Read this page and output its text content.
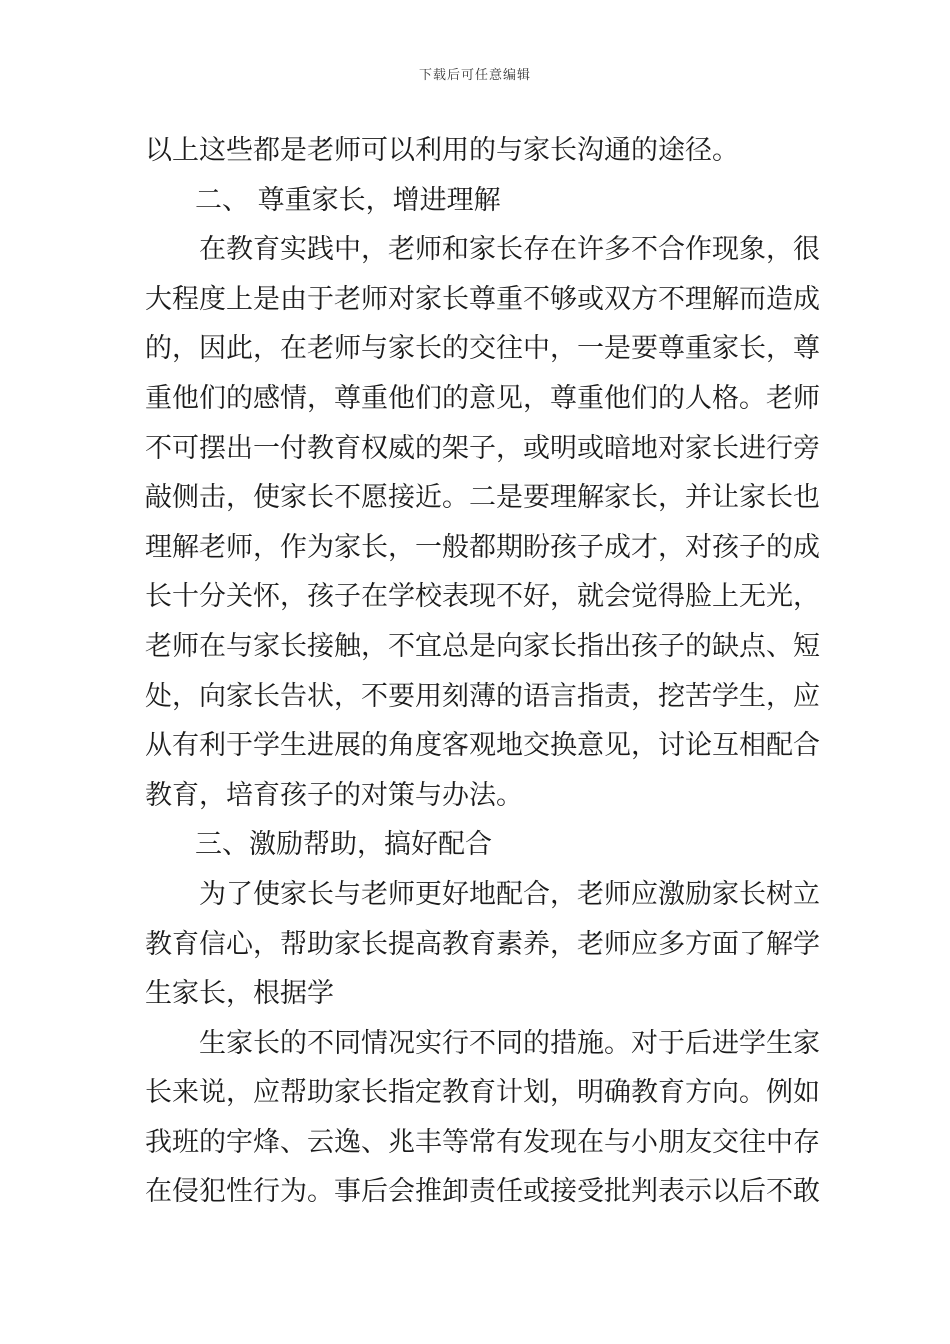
下载后可任意编辑
以上这些都是老师可以利用的与家长沟通的途径。
二、 尊重家长，增进理解
在教育实践中，老师和家长存在许多不合作现象，很
大程度上是由于老师对家长尊重不够或双方不理解而造成
的，因此，在老师与家长的交往中，一是要尊重家长，尊
重他们的感情，尊重他们的意见，尊重他们的人格。老师
不可摆出一付教育权威的架子，或明或暗地对家长进行旁
敲侧击，使家长不愿接近。二是要理解家长，并让家长也
理解老师，作为家长，一般都期盼孩子成才，对孩子的成
长十分关怀，孩子在学校表现不好，就会觉得脸上无光，
老师在与家长接触，不宜总是向家长指出孩子的缺点、短
处，向家长告状，不要用刻薄的语言指责，挖苦学生，应
从有利于学生进展的角度客观地交换意见，讨论互相配合
教育，培育孩子的对策与办法。
三、激励帮助，搞好配合
为了使家长与老师更好地配合，老师应激励家长树立
教育信心，帮助家长提高教育素养，老师应多方面了解学
生家长，根据学
生家长的不同情况实行不同的措施。对于后进学生家
长来说，应帮助家长指定教育计划，明确教育方向。例如
我班的宇烽、云逸、兆丰等常有发现在与小朋友交往中存
在侵犯性行为。事后会推卸责任或接受批判表示以后不敢
